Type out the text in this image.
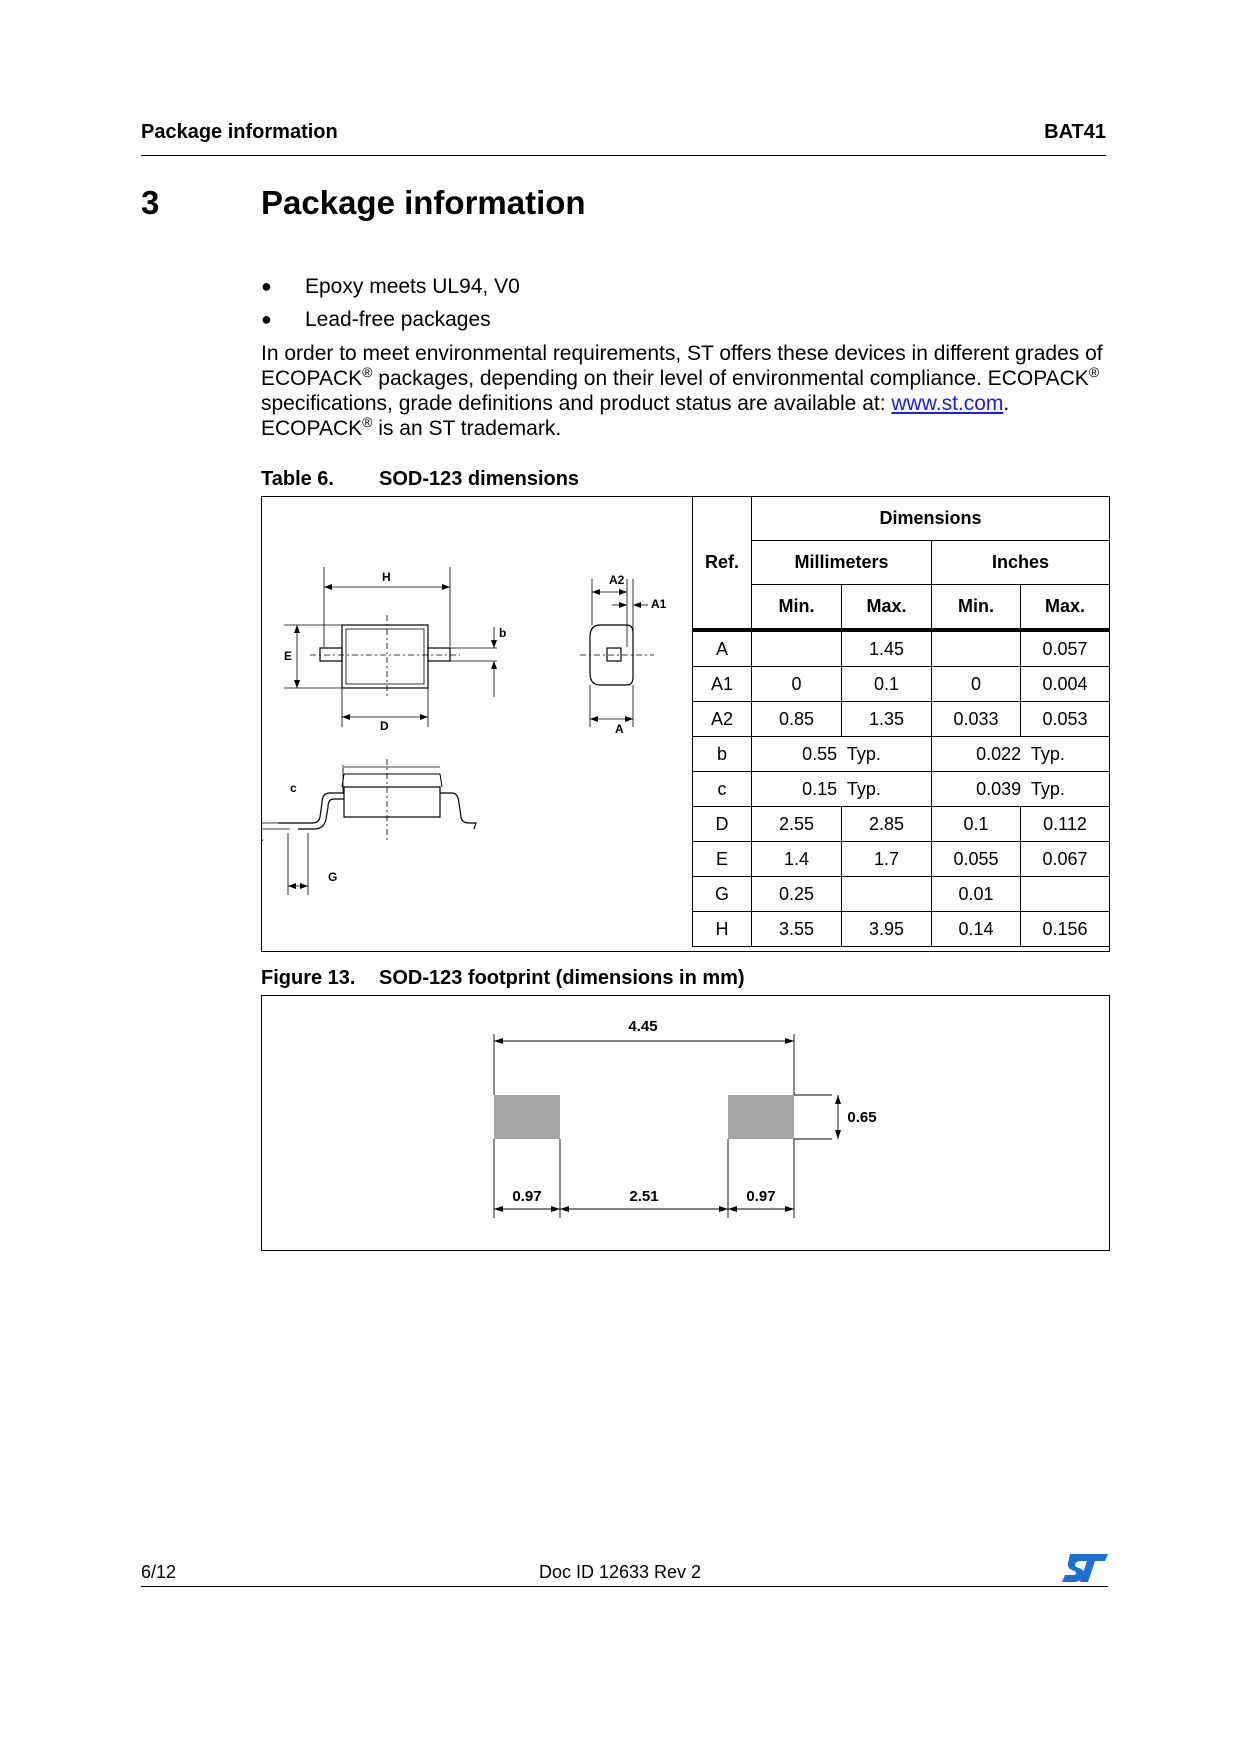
Package information	BAT41
3	Package information
● Epoxy meets UL94, V0
● Lead-free packages
In order to meet environmental requirements, ST offers these devices in different grades of ECOPACK® packages, depending on their level of environmental compliance. ECOPACK® specifications, grade definitions and product status are available at: www.st.com.
ECOPACK® is an ST trademark.
Table 6. SOD-123 dimensions
H
E
b
D
A2
A1
A
c
G
Ref.	Dimensions			
	Millimeters		Inches	
	Min.	Max.	Min.	Max.
A		1.45		0.057
A1	0	0.1	0	0.004
A2	0.85	1.35	0.033	0.053
b	0.55  Typ.		0.022  Typ.	
c	0.15  Typ.		0.039  Typ.	
D	2.55	2.85	0.1	0.112
E	1.4	1.7	0.055	0.067
G	0.25		0.01	
H	3.55	3.95	0.14	0.156
Figure 13. SOD-123 footprint (dimensions in mm)
4.45
0.65
0.97	2.51	0.97
6/12	Doc ID 12633 Rev 2
